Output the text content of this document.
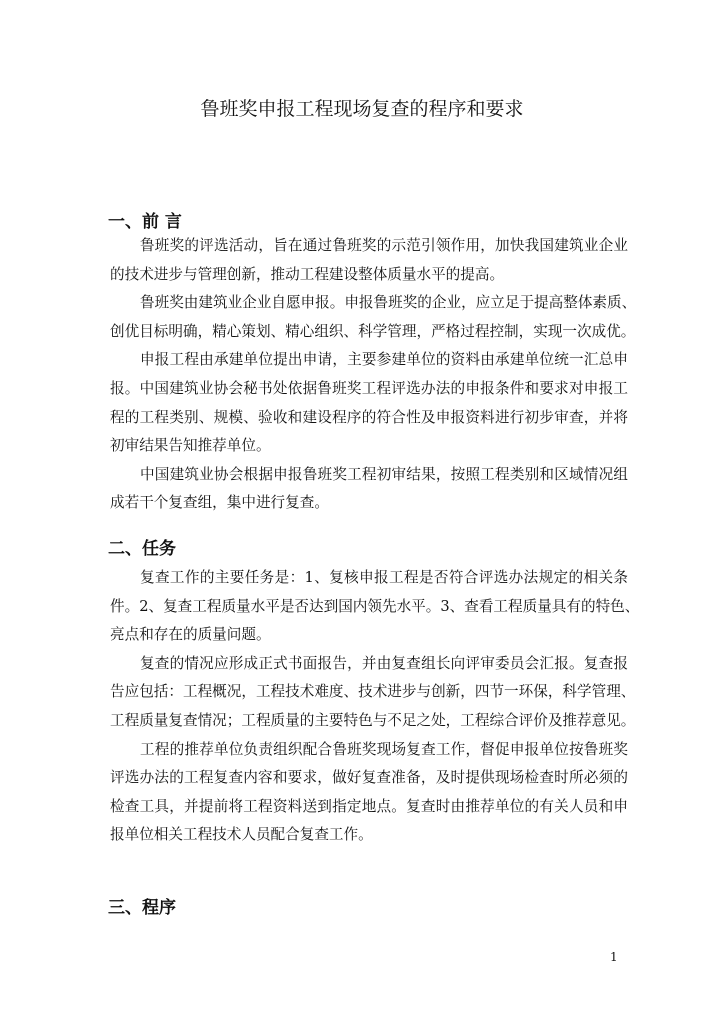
鲁班奖申报工程现场复查的程序和要求
一、前 言
鲁班奖的评选活动，旨在通过鲁班奖的示范引领作用，加快我国建筑业企业
的技术进步与管理创新，推动工程建设整体质量水平的提高。
鲁班奖由建筑业企业自愿申报。申报鲁班奖的企业，应立足于提高整体素质、
创优目标明确，精心策划、精心组织、科学管理，严格过程控制，实现一次成优。
申报工程由承建单位提出申请，主要参建单位的资料由承建单位统一汇总申
报。中国建筑业协会秘书处依据鲁班奖工程评选办法的申报条件和要求对申报工
程的工程类别、规模、验收和建设程序的符合性及申报资料进行初步审查，并将
初审结果告知推荐单位。
中国建筑业协会根据申报鲁班奖工程初审结果，按照工程类别和区域情况组
成若干个复查组，集中进行复查。
二、任务
复查工作的主要任务是：1、复核申报工程是否符合评选办法规定的相关条
件。2、复查工程质量水平是否达到国内领先水平。3、查看工程质量具有的特色、
亮点和存在的质量问题。
复查的情况应形成正式书面报告，并由复查组长向评审委员会汇报。复查报
告应包括：工程概况，工程技术难度、技术进步与创新，四节一环保，科学管理、
工程质量复查情况；工程质量的主要特色与不足之处，工程综合评价及推荐意见。
工程的推荐单位负责组织配合鲁班奖现场复查工作，督促申报单位按鲁班奖
评选办法的工程复查内容和要求，做好复查准备，及时提供现场检查时所必须的
检查工具，并提前将工程资料送到指定地点。复查时由推荐单位的有关人员和申
报单位相关工程技术人员配合复查工作。
三、程序
1
